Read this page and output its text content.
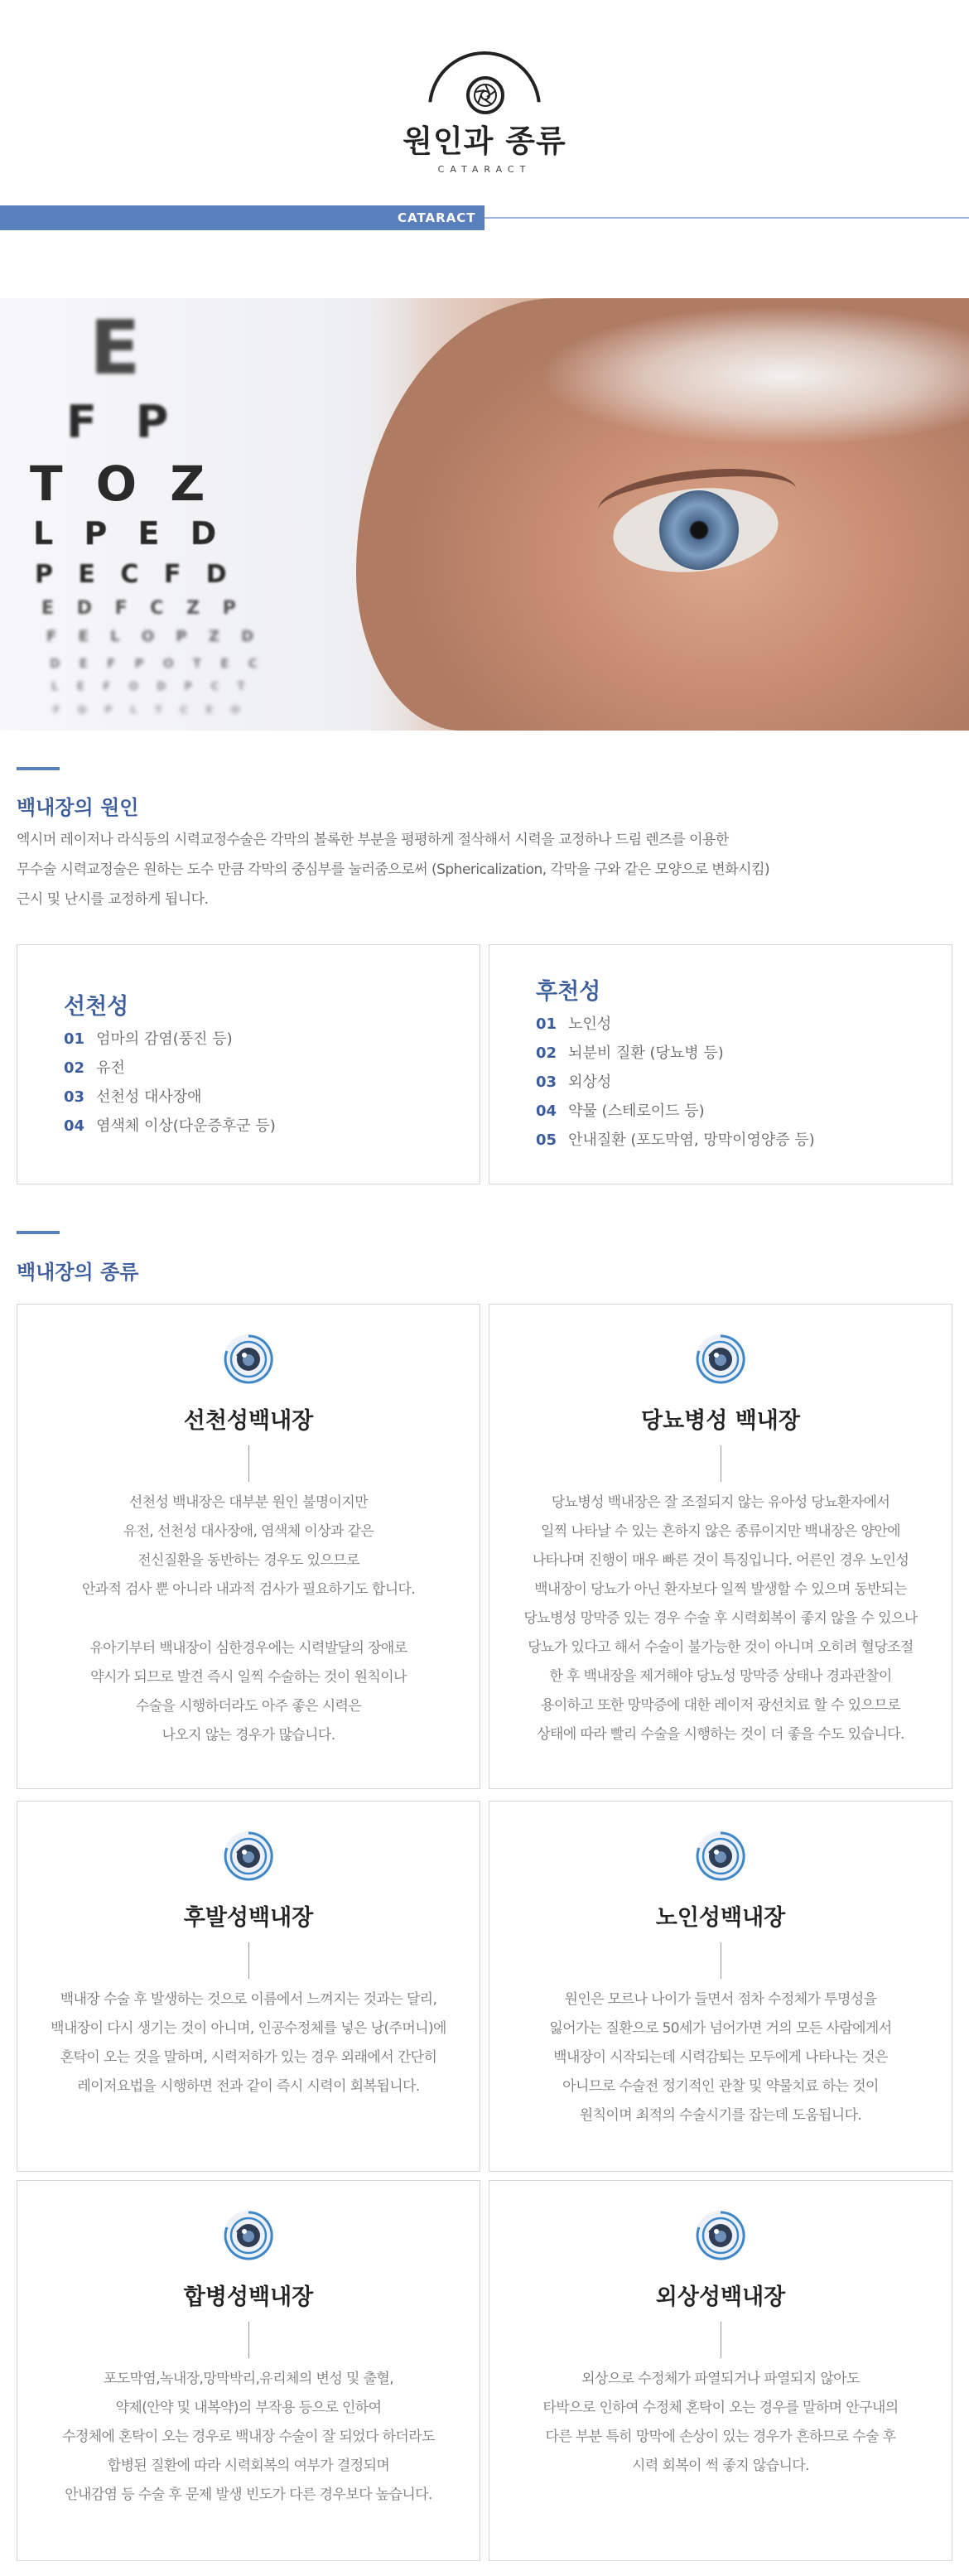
원인과 종류
CATARACT
CATARACT
E
F P
T O Z
L P E D
P E C F D
E D F C Z P
F E L O P Z D
D E F P O T E C
L E F O D P C T
F D P L T C E O
백내장의 원인
엑시머 레이저나 라식등의 시력교정수술은 각막의 볼록한 부분을 평평하게 절삭해서 시력을 교정하나 드림 렌즈를 이용한
무수술 시력교정술은 원하는 도수 만큼 각막의 중심부를 눌러줌으로써 (Sphericalization, 각막을 구와 같은 모양으로 변화시킴)
근시 및 난시를 교정하게 됩니다.
선천성
01 엄마의 감염(풍진 등)
02 유전
03 선천성 대사장애
04 염색체 이상(다운증후군 등)
후천성
01 노인성
02 뇌분비 질환 (당뇨병 등)
03 외상성
04 약물 (스테로이드 등)
05 안내질환 (포도막염, 망막이영양증 등)
백내장의 종류
선천성백내장

선천성 백내장은 대부분 원인 불명이지만

유전, 선천성 대사장애, 염색체 이상과 같은

전신질환을 동반하는 경우도 있으므로

안과적 검사 뿐 아니라 내과적 검사가 필요하기도 합니다.

유아기부터 백내장이 심한경우에는 시력발달의 장애로

약시가 되므로 발견 즉시 일찍 수술하는 것이 원칙이나

수술을 시행하더라도 아주 좋은 시력은

나오지 않는 경우가 많습니다.

당뇨병성 백내장

당뇨병성 백내장은 잘 조절되지 않는 유아성 당뇨환자에서

일찍 나타날 수 있는 흔하지 않은 종류이지만 백내장은 양안에

나타나며 진행이 매우 빠른 것이 특징입니다. 어른인 경우 노인성

백내장이 당뇨가 아닌 환자보다 일찍 발생할 수 있으며 동반되는

당뇨병성 망막증 있는 경우 수술 후 시력회복이 좋지 않을 수 있으나

당뇨가 있다고 해서 수술이 불가능한 것이 아니며 오히려 혈당조절

한 후 백내장을 제거해야 당뇨성 망막증 상태나 경과관찰이

용이하고 또한 망막증에 대한 레이저 광선치료 할 수 있으므로

상태에 따라 빨리 수술을 시행하는 것이 더 좋을 수도 있습니다.

후발성백내장

백내장 수술 후 발생하는 것으로 이름에서 느껴지는 것과는 달리,

백내장이 다시 생기는 것이 아니며, 인공수정체를 넣은 낭(주머니)에

혼탁이 오는 것을 말하며, 시력저하가 있는 경우 외래에서 간단히

레이저요법을 시행하면 전과 같이 즉시 시력이 회복됩니다.

노인성백내장

원인은 모르나 나이가 들면서 점차 수정체가 투명성을

잃어가는 질환으로 50세가 넘어가면 거의 모든 사람에게서

백내장이 시작되는데 시력감퇴는 모두에게 나타나는 것은

아니므로 수술전 정기적인 관찰 및 약물치료 하는 것이

원칙이며 최적의 수술시기를 잡는데 도움됩니다.

합병성백내장

포도막염,녹내장,망막박리,유리체의 변성 및 출혈,

약제(안약 및 내복약)의 부작용 등으로 인하여

수정체에 혼탁이 오는 경우로 백내장 수술이 잘 되었다 하더라도

합병된 질환에 따라 시력회복의 여부가 결정되며

안내감염 등 수술 후 문제 발생 빈도가 다른 경우보다 높습니다.

외상성백내장

외상으로 수정체가 파열되거나 파열되지 않아도

타박으로 인하여 수정체 혼탁이 오는 경우를 말하며 안구내의

다른 부분 특히 망막에 손상이 있는 경우가 흔하므로 수술 후

시력 회복이 썩 좋지 않습니다.
